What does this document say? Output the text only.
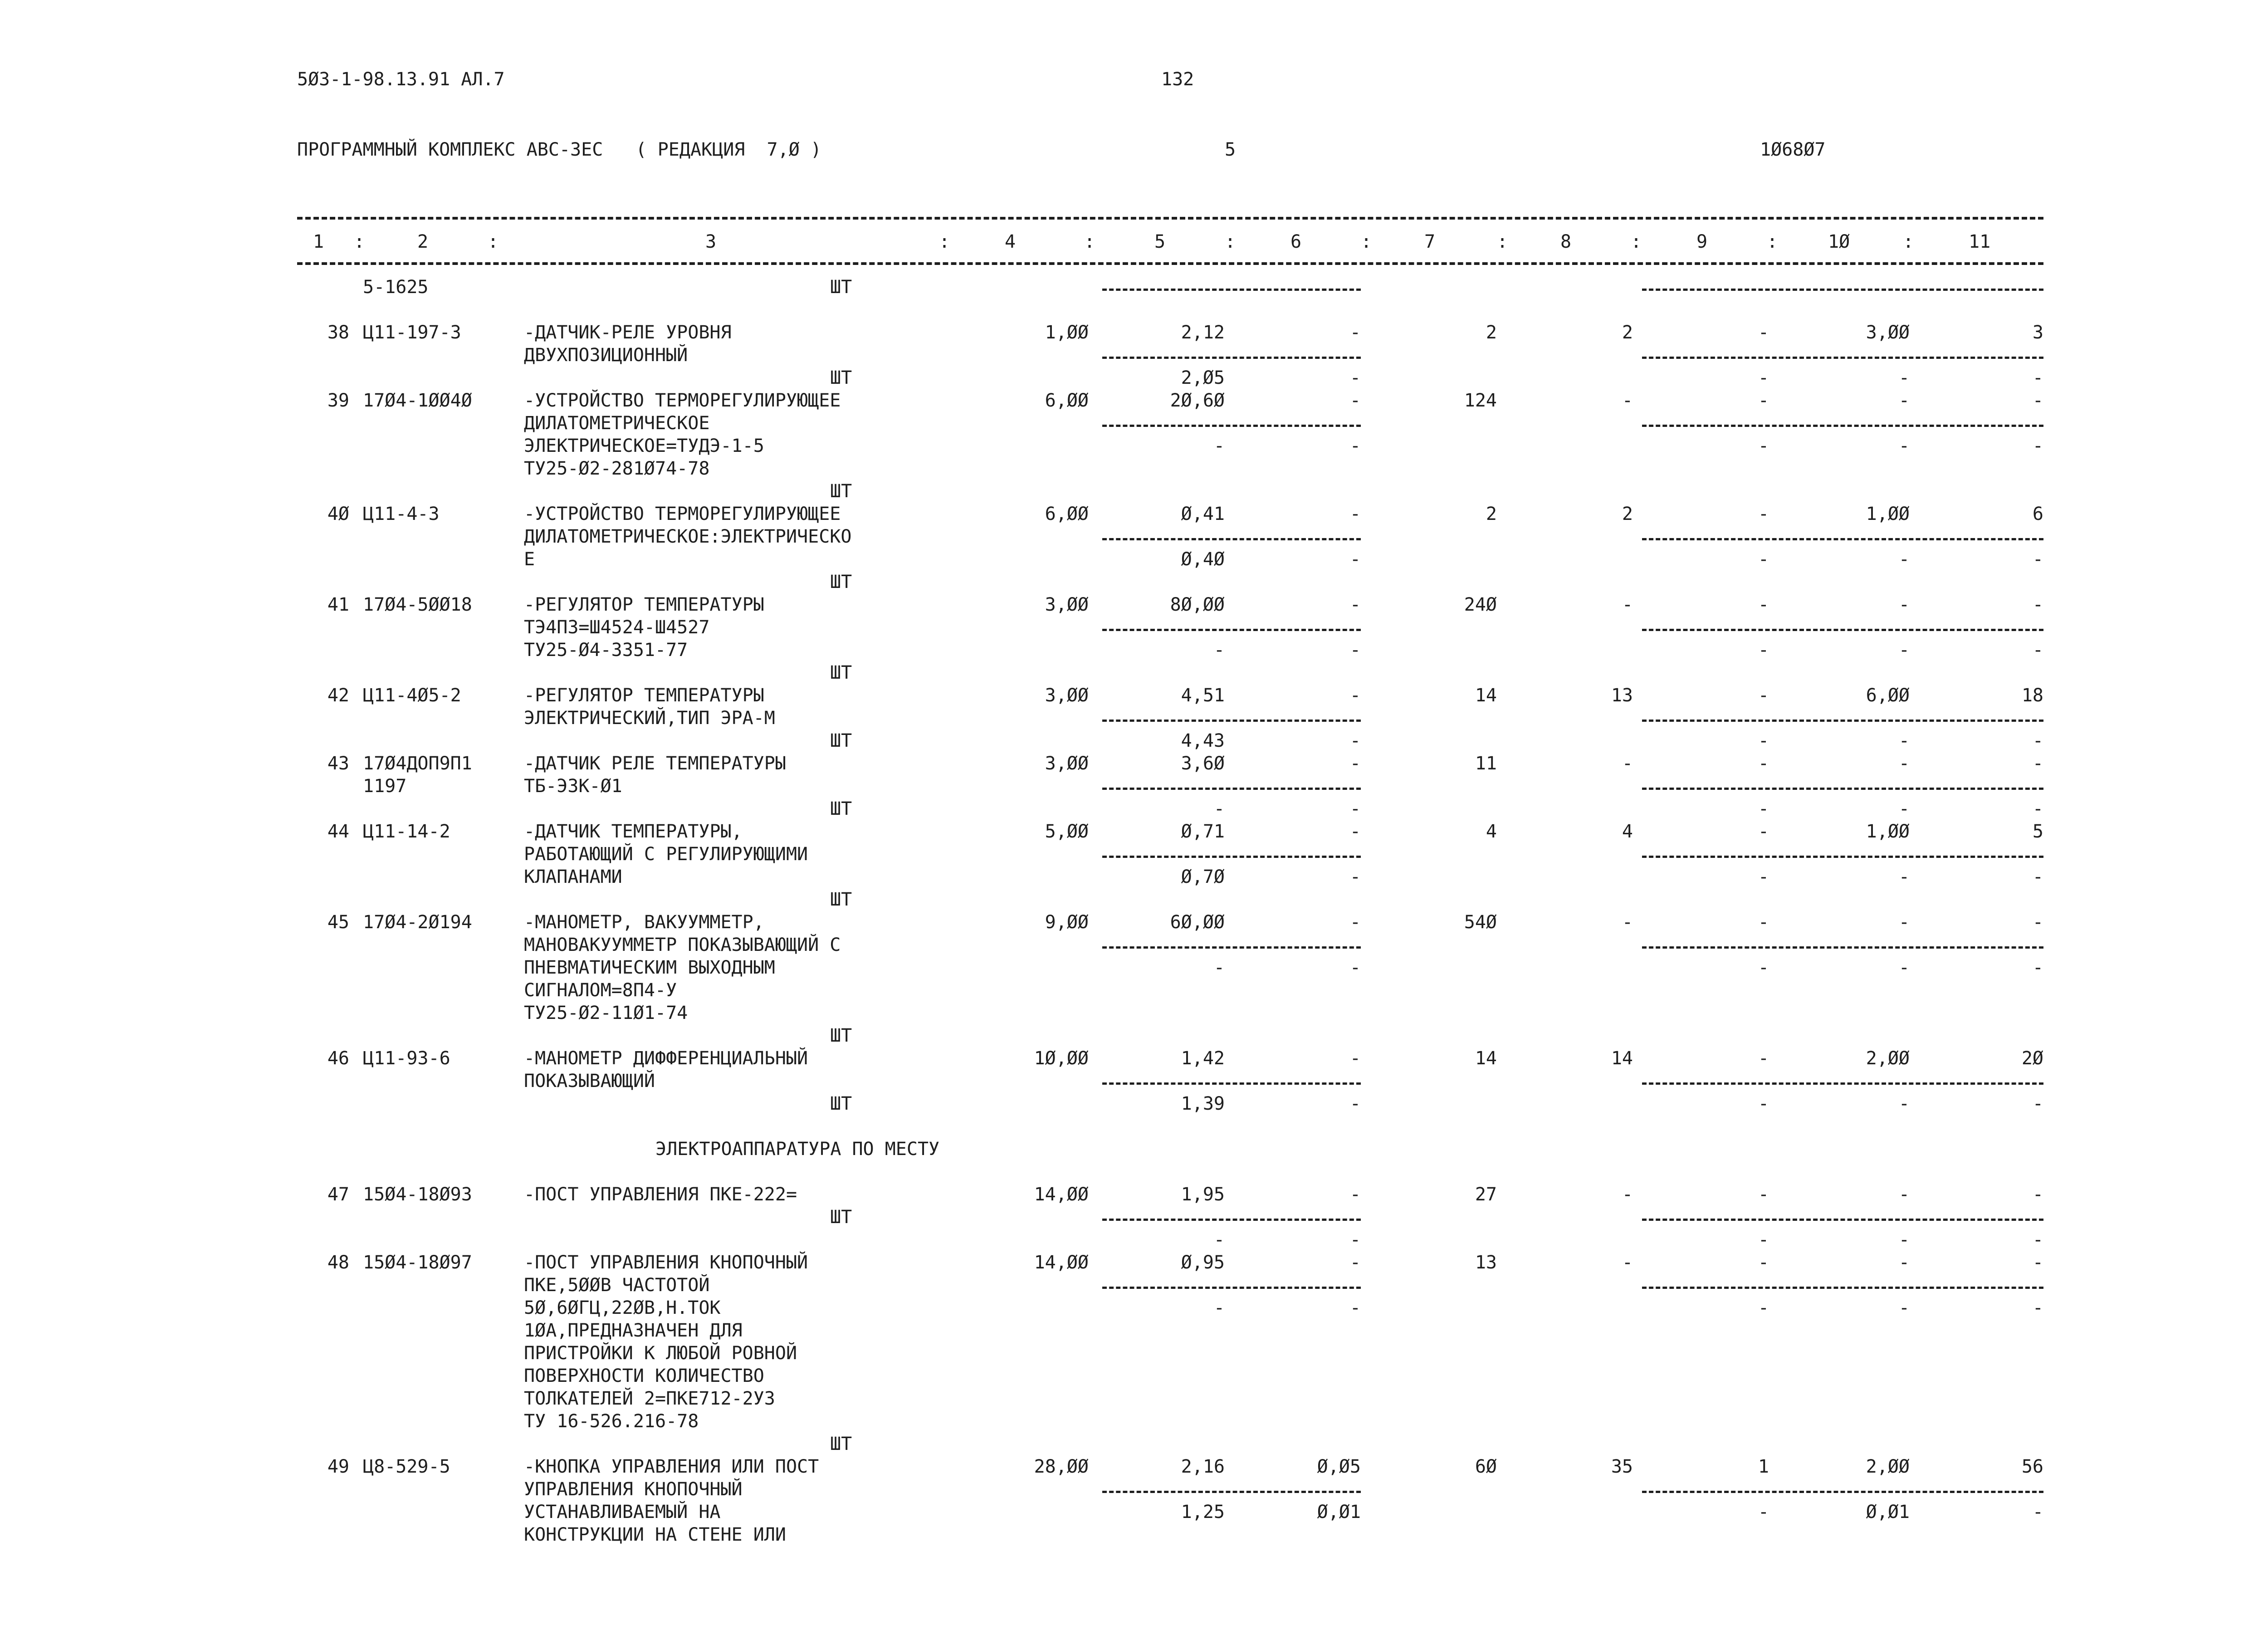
5Ø3-1-98.13.91 АЛ.7	132
ПРОГРАММНЫЙ КОМПЛЕКС АВС-ЗЕС   ( РЕДАКЦИЯ  7,Ø )	5	1Ø68Ø7
1 :	2	:	3	:	4	:	5	:	6	:	7	:	8	:	9	:	1Ø	:	11
5-1625	ШТ
38 Ц11-197-3	-ДАТЧИК-РЕЛЕ УРОВНЯ
ДВУХПОЗИЦИОННЫЙ
1,ØØ	2,12	-	2	2	-	3,ØØ	3
ШТ	2,Ø5	-	-	-	-
39 17Ø4-1ØØ4Ø	-УСТРОЙСТВО ТЕРМОРЕГУЛИРУЮЩЕЕ
ДИЛАТОМЕТРИЧЕСКОЕ
ЭЛЕКТРИЧЕСКОЕ=ТУДЭ-1-5
ТУ25-Ø2-281Ø74-78
6,ØØ	2Ø,6Ø	-	124	-	-	-	-
ШТ
-	-	-	-	-
4Ø Ц11-4-3	-УСТРОЙСТВО ТЕРМОРЕГУЛИРУЮЩЕЕ
ДИЛАТОМЕТРИЧЕСКОЕ:ЭЛЕКТРИЧЕСКО
Е
6,ØØ	Ø,41	-	2	2	-	1,ØØ	6
ШТ
Ø,4Ø	-	-	-	-
41 17Ø4-5ØØ18	-РЕГУЛЯТОР ТЕМПЕРАТУРЫ
ТЭ4ПЗ=Ш4524-Ш4527
ТУ25-Ø4-3351-77
3,ØØ	8Ø,ØØ	-	24Ø	-	-	-	-
ШТ
-	-	-	-	-
42 Ц11-4Ø5-2	-РЕГУЛЯТОР ТЕМПЕРАТУРЫ
ЭЛЕКТРИЧЕСКИЙ,ТИП ЭРА-М
3,ØØ	4,51	-	14	13	-	6,ØØ	18
ШТ	4,43	-	-	-	-
43 17Ø4ДОП9П1
1197
-ДАТЧИК РЕЛЕ ТЕМПЕРАТУРЫ
ТБ-ЭЗК-Ø1
3,ØØ	3,6Ø	-	11	-	-	-	-
ШТ	-	-	-	-	-
44 Ц11-14-2	-ДАТЧИК ТЕМПЕРАТУРЫ,
РАБОТАЮЩИЙ С РЕГУЛИРУЮЩИМИ
КЛАПАНАМИ
5,ØØ	Ø,71	-	4	4	-	1,ØØ	5
ШТ
Ø,7Ø	-	-	-	-
45 17Ø4-2Ø194	-МАНОМЕТР, ВАКУУММЕТР,
МАНОВАКУУММЕТР ПОКАЗЫВАЮЩИЙ С
ПНЕВМАТИЧЕСКИМ ВЫХОДНЫМ
СИГНАЛОМ=8П4-У
ТУ25-Ø2-11Ø1-74
9,ØØ	6Ø,ØØ	-	54Ø	-	-	-	-
ШТ
-	-	-	-	-
46 Ц11-93-6	-МАНОМЕТР ДИФФЕРЕНЦИАЛЬНЫЙ
ПОКАЗЫВАЮЩИЙ
1Ø,ØØ	1,42	-	14	14	-	2,ØØ	2Ø
ШТ	1,39	-	-	-	-
47 15Ø4-18Ø93	-ПОСТ УПРАВЛЕНИЯ ПКЕ-222=	14,ØØ	1,95	-	27	-	-	-	-
ШТ
-	-	-	-	-
48 15Ø4-18Ø97	-ПОСТ УПРАВЛЕНИЯ КНОПОЧНЫЙ
ПКЕ,5ØØВ ЧАСТОТОЙ
5Ø,6ØГЦ,22ØВ,Н.ТОК
1ØА,ПРЕДНАЗНАЧЕН ДЛЯ
ПРИСТРОЙКИ К ЛЮБОЙ РОВНОЙ
ПОВЕРХНОСТИ КОЛИЧЕСТВО
ТОЛКАТЕЛЕЙ 2=ПКЕ712-2УЗ
ТУ 16-526.216-78
14,ØØ	Ø,95	-	13	-	-	-	-
ШТ
-	-	-	-	-
49 Ц8-529-5	-КНОПКА УПРАВЛЕНИЯ ИЛИ ПОСТ
УПРАВЛЕНИЯ КНОПОЧНЫЙ
УСТАНАВЛИВАЕМЫЙ НА
КОНСТРУКЦИИ НА СТЕНЕ ИЛИ
28,ØØ	2,16	Ø,Ø5	6Ø	35	1	2,ØØ	56
1,25	Ø,Ø1	-	Ø,Ø1	-
ЭЛЕКТРОАППАРАТУРА ПО МЕСТУ
